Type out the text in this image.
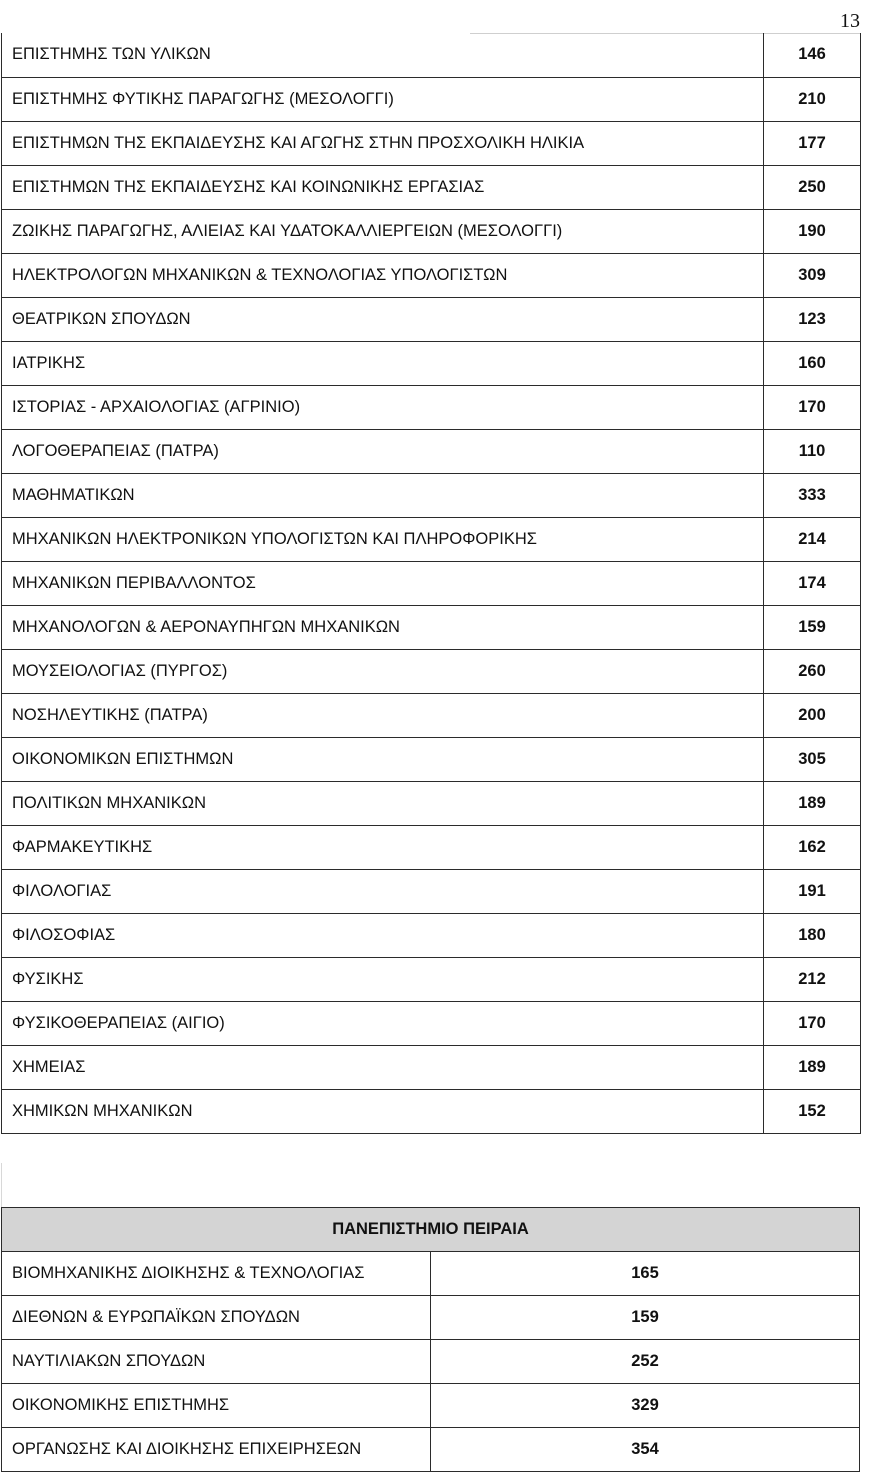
13
ΕΠΙΣΤΗΜΗΣ ΤΩΝ ΥΛΙΚΩΝ	146
ΕΠΙΣΤΗΜΗΣ ΦΥΤΙΚΗΣ ΠΑΡΑΓΩΓΗΣ (ΜΕΣΟΛΟΓΓΙ)	210
ΕΠΙΣΤΗΜΩΝ ΤΗΣ ΕΚΠΑΙΔΕΥΣΗΣ ΚΑΙ ΑΓΩΓΗΣ ΣΤΗΝ ΠΡΟΣΧΟΛΙΚΗ ΗΛΙΚΙΑ	177
ΕΠΙΣΤΗΜΩΝ ΤΗΣ ΕΚΠΑΙΔΕΥΣΗΣ ΚΑΙ ΚΟΙΝΩΝΙΚΗΣ ΕΡΓΑΣΙΑΣ	250
ΖΩΙΚΗΣ ΠΑΡΑΓΩΓΗΣ, ΑΛΙΕΙΑΣ ΚΑΙ ΥΔΑΤΟΚΑΛΛΙΕΡΓΕΙΩΝ (ΜΕΣΟΛΟΓΓΙ)	190
ΗΛΕΚΤΡΟΛΟΓΩΝ ΜΗΧΑΝΙΚΩΝ & ΤΕΧΝΟΛΟΓΙΑΣ ΥΠΟΛΟΓΙΣΤΩΝ	309
ΘΕΑΤΡΙΚΩΝ ΣΠΟΥΔΩΝ	123
ΙΑΤΡΙΚΗΣ	160
ΙΣΤΟΡΙΑΣ - ΑΡΧΑΙΟΛΟΓΙΑΣ (ΑΓΡΙΝΙΟ)	170
ΛΟΓΟΘΕΡΑΠΕΙΑΣ (ΠΑΤΡΑ)	110
ΜΑΘΗΜΑΤΙΚΩΝ	333
ΜΗΧΑΝΙΚΩΝ ΗΛΕΚΤΡΟΝΙΚΩΝ ΥΠΟΛΟΓΙΣΤΩΝ ΚΑΙ ΠΛΗΡΟΦΟΡΙΚΗΣ	214
ΜΗΧΑΝΙΚΩΝ ΠΕΡΙΒΑΛΛΟΝΤΟΣ	174
ΜΗΧΑΝΟΛΟΓΩΝ & ΑΕΡΟΝΑΥΠΗΓΩΝ ΜΗΧΑΝΙΚΩΝ	159
ΜΟΥΣΕΙΟΛΟΓΙΑΣ (ΠΥΡΓΟΣ)	260
ΝΟΣΗΛΕΥΤΙΚΗΣ (ΠΑΤΡΑ)	200
ΟΙΚΟΝΟΜΙΚΩΝ ΕΠΙΣΤΗΜΩΝ	305
ΠΟΛΙΤΙΚΩΝ ΜΗΧΑΝΙΚΩΝ	189
ΦΑΡΜΑΚΕΥΤΙΚΗΣ	162
ΦΙΛΟΛΟΓΙΑΣ	191
ΦΙΛΟΣΟΦΙΑΣ	180
ΦΥΣΙΚΗΣ	212
ΦΥΣΙΚΟΘΕΡΑΠΕΙΑΣ (ΑΙΓΙΟ)	170
ΧΗΜΕΙΑΣ	189
ΧΗΜΙΚΩΝ ΜΗΧΑΝΙΚΩΝ	152
ΠΑΝΕΠΙΣΤΗΜΙΟ ΠΕΙΡΑΙΑ	
ΒΙΟΜΗΧΑΝΙΚΗΣ ΔΙΟΙΚΗΣΗΣ & ΤΕΧΝΟΛΟΓΙΑΣ	165
ΔΙΕΘΝΩΝ & ΕΥΡΩΠΑΪΚΩΝ ΣΠΟΥΔΩΝ	159
ΝΑΥΤΙΛΙΑΚΩΝ ΣΠΟΥΔΩΝ	252
ΟΙΚΟΝΟΜΙΚΗΣ ΕΠΙΣΤΗΜΗΣ	329
ΟΡΓΑΝΩΣΗΣ ΚΑΙ ΔΙΟΙΚΗΣΗΣ ΕΠΙΧΕΙΡΗΣΕΩΝ	354
